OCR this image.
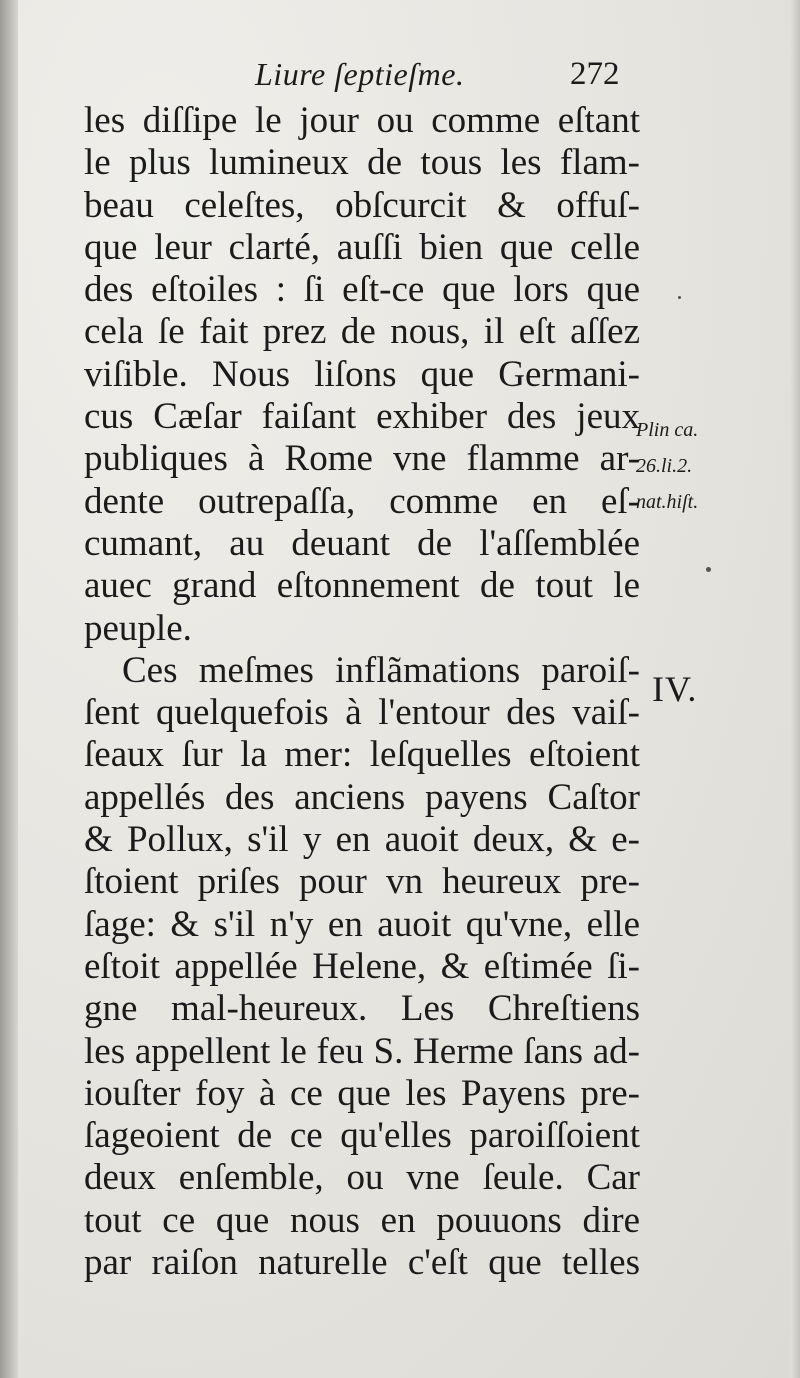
Liure ſeptieſme.	272
les diſſipe le jour ou comme eſtant
le plus lumineux de tous les flam-
beau celeſtes, obſcurcit & offuſ-
que leur clarté, auſſi bien que celle
des eſtoiles : ſi eſt-ce que lors que
cela ſe fait prez de nous, il eſt aſſez
viſible. Nous liſons que Germani-
cus Cæſar faiſant exhiber des jeux
publiques à Rome vne flamme ar-
dente outrepaſſa, comme en eſ-
cumant, au deuant de l'aſſemblée
auec grand eſtonnement de tout le
peuple.
Ces meſmes inflãmations paroiſ-
ſent quelquefois à l'entour des vaiſ-
ſeaux ſur la mer: leſquelles eſtoient
appellés des anciens payens Caſtor
& Pollux, s'il y en auoit deux, & e-
ſtoient priſes pour vn heureux pre-
ſage: & s'il n'y en auoit qu'vne, elle
eſtoit appellée Helene, & eſtimée ſi-
gne mal-heureux. Les Chreſtiens
les appellent le feu S. Herme ſans ad-
iouſter foy à ce que les Payens pre-
ſageoient de ce qu'elles paroiſſoient
deux enſemble, ou vne ſeule. Car
tout ce que nous en pouuons dire
par raiſon naturelle c'eſt que telles
Plin ca.
26.li.2.
nat.hiſt.
IV.
